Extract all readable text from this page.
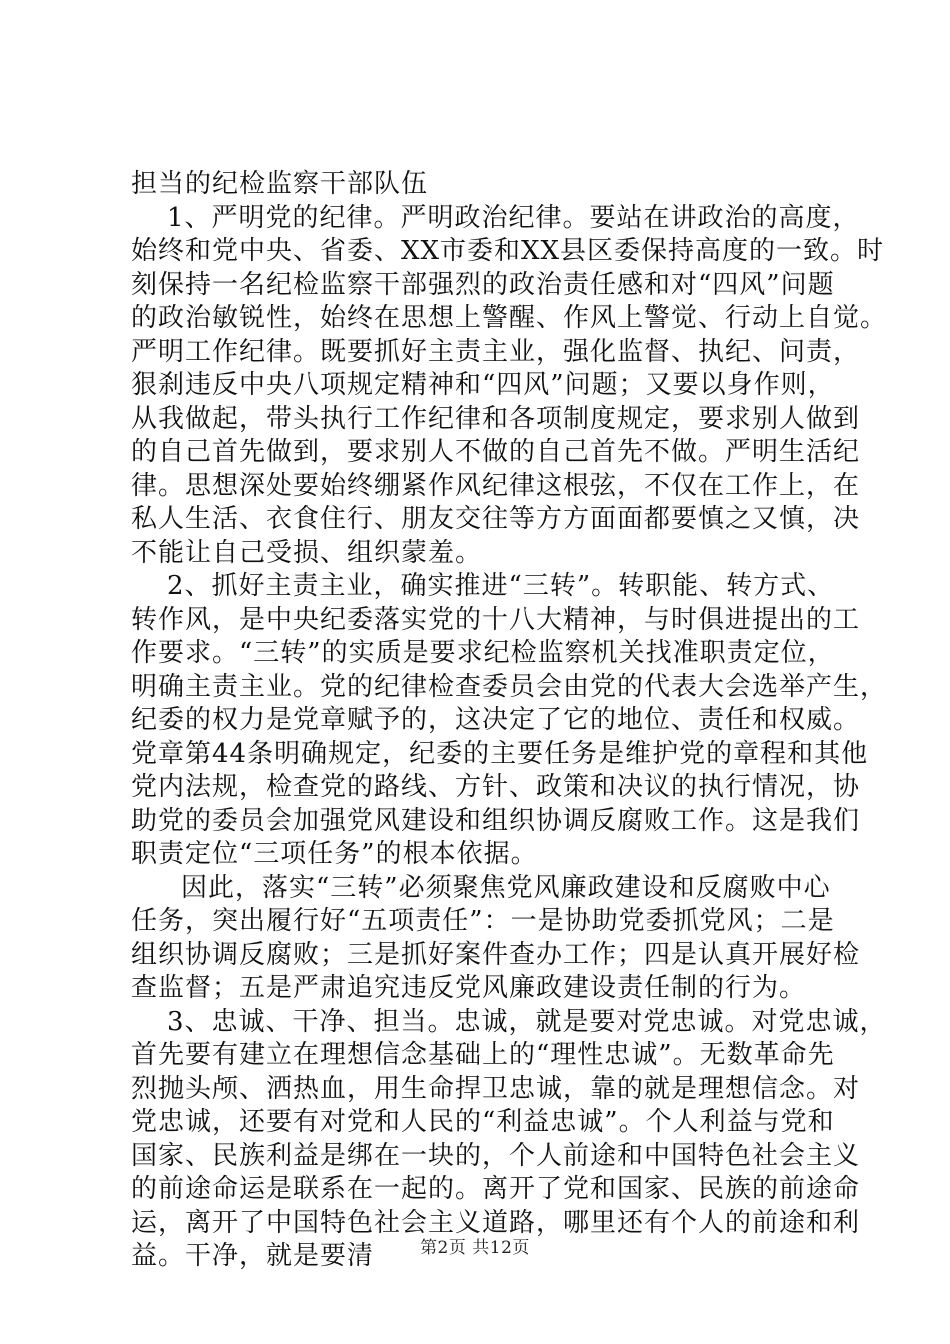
担当的纪检监察干部队伍
1、严明党的纪律。严明政治纪律。要站在讲政治的高度，
始终和党中央、省委、XX市委和XX县区委保持高度的一致。时
刻保持一名纪检监察干部强烈的政治责任感和对“四风”问题
的政治敏锐性，始终在思想上警醒、作风上警觉、行动上自觉。
严明工作纪律。既要抓好主责主业，强化监督、执纪、问责，
狠刹违反中央八项规定精神和“四风”问题；又要以身作则，
从我做起，带头执行工作纪律和各项制度规定，要求别人做到
的自己首先做到，要求别人不做的自己首先不做。严明生活纪
律。思想深处要始终绷紧作风纪律这根弦，不仅在工作上，在
私人生活、衣食住行、朋友交往等方方面面都要慎之又慎，决
不能让自己受损、组织蒙羞。
2、抓好主责主业，确实推进“三转”。转职能、转方式、
转作风，是中央纪委落实党的十八大精神，与时俱进提出的工
作要求。“三转”的实质是要求纪检监察机关找准职责定位，
明确主责主业。党的纪律检查委员会由党的代表大会选举产生，
纪委的权力是党章赋予的，这决定了它的地位、责任和权威。
党章第44条明确规定，纪委的主要任务是维护党的章程和其他
党内法规，检查党的路线、方针、政策和决议的执行情况，协
助党的委员会加强党风建设和组织协调反腐败工作。这是我们
职责定位“三项任务”的根本依据。
因此，落实“三转”必须聚焦党风廉政建设和反腐败中心
任务，突出履行好“五项责任”：一是协助党委抓党风；二是
组织协调反腐败；三是抓好案件查办工作；四是认真开展好检
查监督；五是严肃追究违反党风廉政建设责任制的行为。
3、忠诚、干净、担当。忠诚，就是要对党忠诚。对党忠诚，
首先要有建立在理想信念基础上的“理性忠诚”。无数革命先
烈抛头颅、洒热血，用生命捍卫忠诚，靠的就是理想信念。对
党忠诚，还要有对党和人民的“利益忠诚”。个人利益与党和
国家、民族利益是绑在一块的，个人前途和中国特色社会主义
的前途命运是联系在一起的。离开了党和国家、民族的前途命
运，离开了中国特色社会主义道路，哪里还有个人的前途和利
益。干净，就是要清	第2页 共12页
